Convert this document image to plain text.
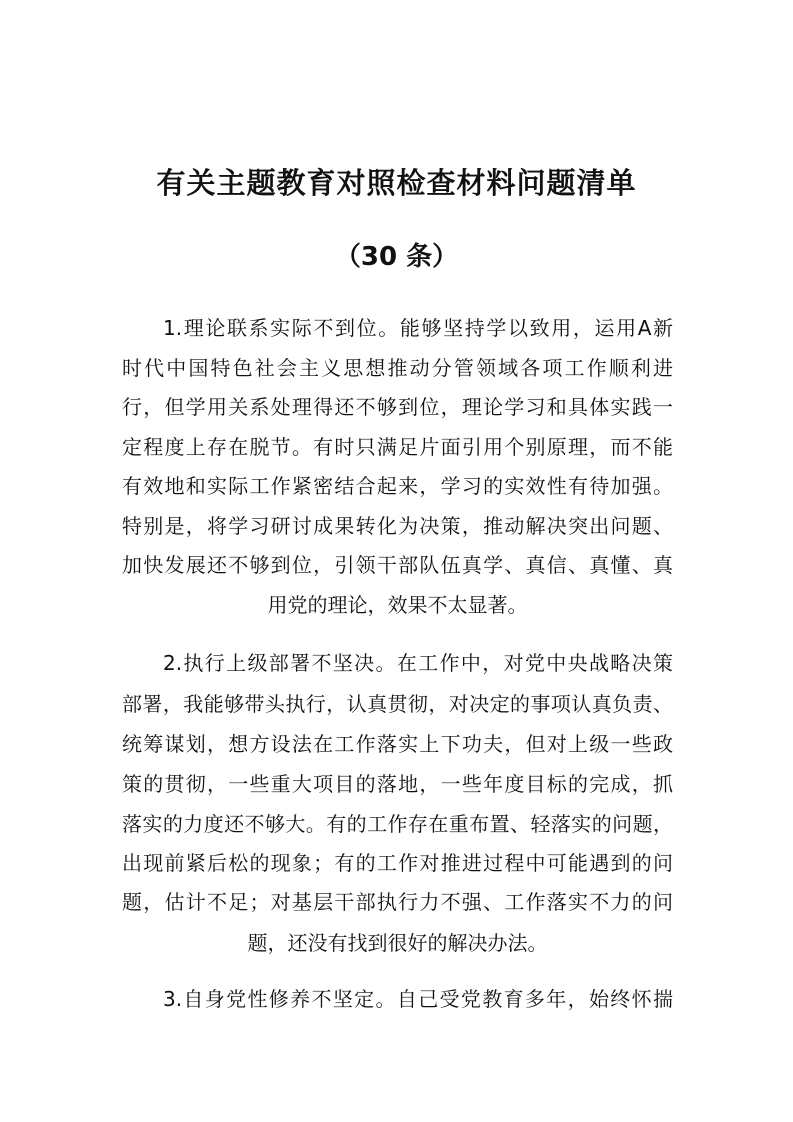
有关主题教育对照检查材料问题清单
（30 条）
1.理论联系实际不到位。能够坚持学以致用，运用A新
时代中国特色社会主义思想推动分管领域各项工作顺利进
行，但学用关系处理得还不够到位，理论学习和具体实践一
定程度上存在脱节。有时只满足片面引用个别原理，而不能
有效地和实际工作紧密结合起来，学习的实效性有待加强。
特别是，将学习研讨成果转化为决策，推动解决突出问题、
加快发展还不够到位，引领干部队伍真学、真信、真懂、真
用党的理论，效果不太显著。
2.执行上级部署不坚决。在工作中，对党中央战略决策
部署，我能够带头执行，认真贯彻，对决定的事项认真负责、
统筹谋划，想方设法在工作落实上下功夫，但对上级一些政
策的贯彻，一些重大项目的落地，一些年度目标的完成，抓
落实的力度还不够大。有的工作存在重布置、轻落实的问题，
出现前紧后松的现象；有的工作对推进过程中可能遇到的问
题，估计不足；对基层干部执行力不强、工作落实不力的问
题，还没有找到很好的解决办法。
3.自身党性修养不坚定。自己受党教育多年，始终怀揣
